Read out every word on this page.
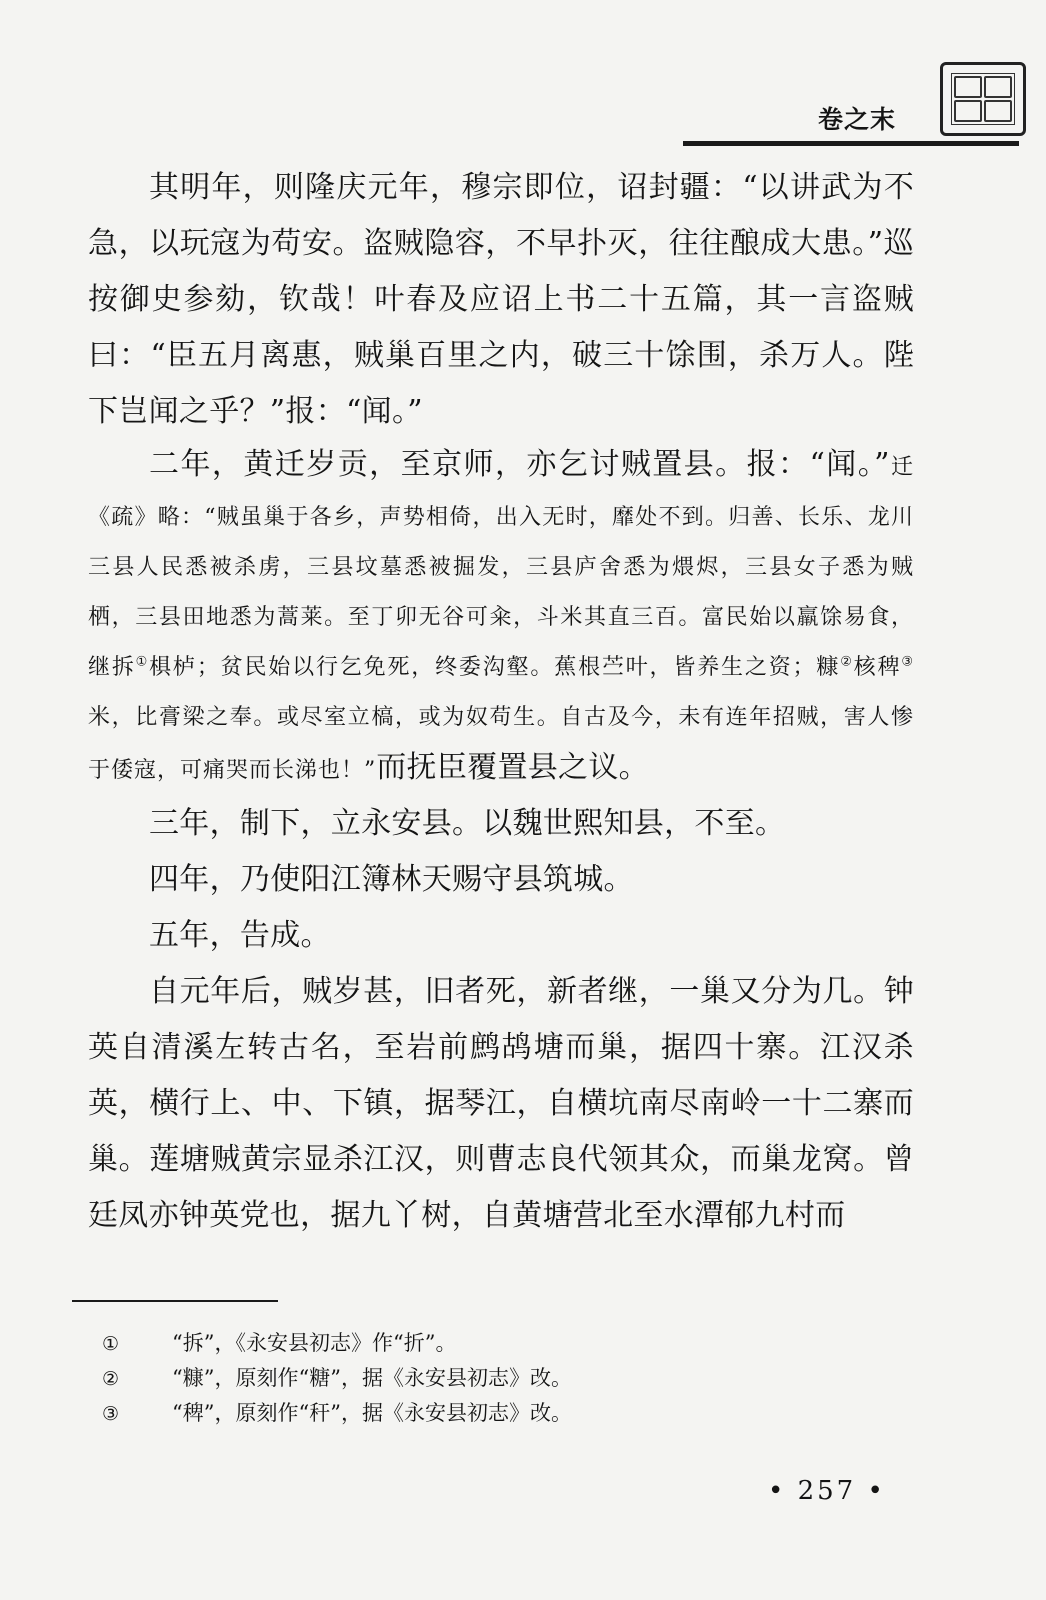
卷之末

其明年，则隆庆元年，穆宗即位，诏封疆：“以讲武为不急，以玩寇为苟安。盗贼隐容，不早扑灭，往往酿成大患。”巡按御史参劾，钦哉！叶春及应诏上书二十五篇，其一言盗贼曰：“臣五月离惠，贼巢百里之内，破三十馀围，杀万人。陛下岂闻之乎？”报：“闻。”

二年，黄迁岁贡，至京师，亦乞讨贼置县。报：“闻。”迁《疏》略：“贼虽巢于各乡，声势相倚，出入无时，靡处不到。归善、长乐、龙川三县人民悉被杀虏，三县坟墓悉被掘发，三县庐舍悉为煨烬，三县女子悉为贼栖，三县田地悉为蒿莱。至丁卯无谷可籴，斗米其直三百。富民始以羸馀易食，继拆①椇栌；贫民始以行乞免死，终委沟壑。蕉根苎叶，皆养生之资；糠②核稗③米，比膏梁之奉。或尽室立槁，或为奴苟生。自古及今，未有连年招贼，害人惨于倭寇，可痛哭而长涕也！”而抚臣覆置县之议。

三年，制下，立永安县。以魏世熙知县，不至。

四年，乃使阳江簿林天赐守县筑城。

五年，告成。

自元年后，贼岁甚，旧者死，新者继，一巢又分为几。钟英自清溪左转古名，至岩前鹧鸪塘而巢，据四十寨。江汉杀英，横行上、中、下镇，据琴江，自横坑南尽南岭一十二寨而巢。莲塘贼黄宗显杀江汉，则曹志良代领其众，而巢龙窝。曾廷凤亦钟英党也，据九丫树，自黄塘营北至水潭郁九村而

①	“拆”，《永安县初志》作“折”。
②	“糠”，原刻作“糖”，据《永安县初志》改。
③	“稗”，原刻作“秆”，据《永安县初志》改。
• 257 •
